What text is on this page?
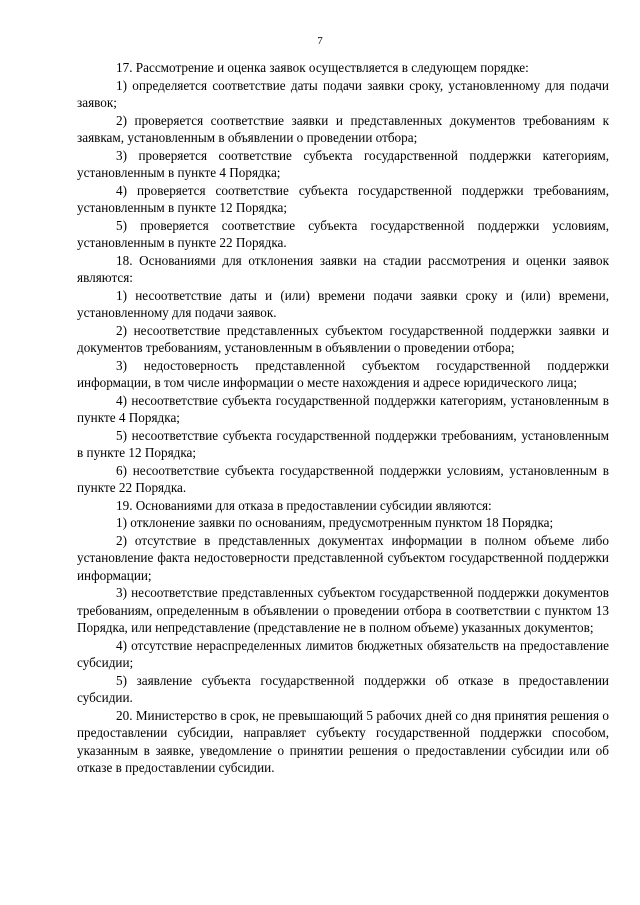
7

17. Рассмотрение и оценка заявок осуществляется в следующем порядке:

1) определяется соответствие даты подачи заявки сроку, установленному для подачи заявок;

2) проверяется соответствие заявки и представленных документов требованиям к заявкам, установленным в объявлении о проведении отбора;

3) проверяется соответствие субъекта государственной поддержки категориям, установленным в пункте 4 Порядка;

4) проверяется соответствие субъекта государственной поддержки требованиям, установленным в пункте 12 Порядка;

5) проверяется соответствие субъекта государственной поддержки условиям, установленным в пункте 22 Порядка.

18. Основаниями для отклонения заявки на стадии рассмотрения и оценки заявок являются:

1) несоответствие даты и (или) времени подачи заявки сроку и (или) времени, установленному для подачи заявок.

2) несоответствие представленных субъектом государственной поддержки заявки и документов требованиям, установленным в объявлении о проведении отбора;

3) недостоверность представленной субъектом государственной поддержки информации, в том числе информации о месте нахождения и адресе юридического лица;

4) несоответствие субъекта государственной поддержки категориям, установленным в пункте 4 Порядка;

5) несоответствие субъекта государственной поддержки требованиям, установленным в пункте 12 Порядка;

6) несоответствие субъекта государственной поддержки условиям, установленным в пункте 22 Порядка.

19. Основаниями для отказа в предоставлении субсидии являются:

1) отклонение заявки по основаниям, предусмотренным пунктом 18 Порядка;

2) отсутствие в представленных документах информации в полном объеме либо установление факта недостоверности представленной субъектом государственной поддержки информации;

3) несоответствие представленных субъектом государственной поддержки документов требованиям, определенным в объявлении о проведении отбора в соответствии с пунктом 13 Порядка, или непредставление (представление не в полном объеме) указанных документов;

4) отсутствие нераспределенных лимитов бюджетных обязательств на предоставление субсидии;

5) заявление субъекта государственной поддержки об отказе в предоставлении субсидии.

20. Министерство в срок, не превышающий 5 рабочих дней со дня принятия решения о предоставлении субсидии, направляет субъекту государственной поддержки способом, указанным в заявке, уведомление о принятии решения о предоставлении субсидии или об отказе в предоставлении субсидии.
